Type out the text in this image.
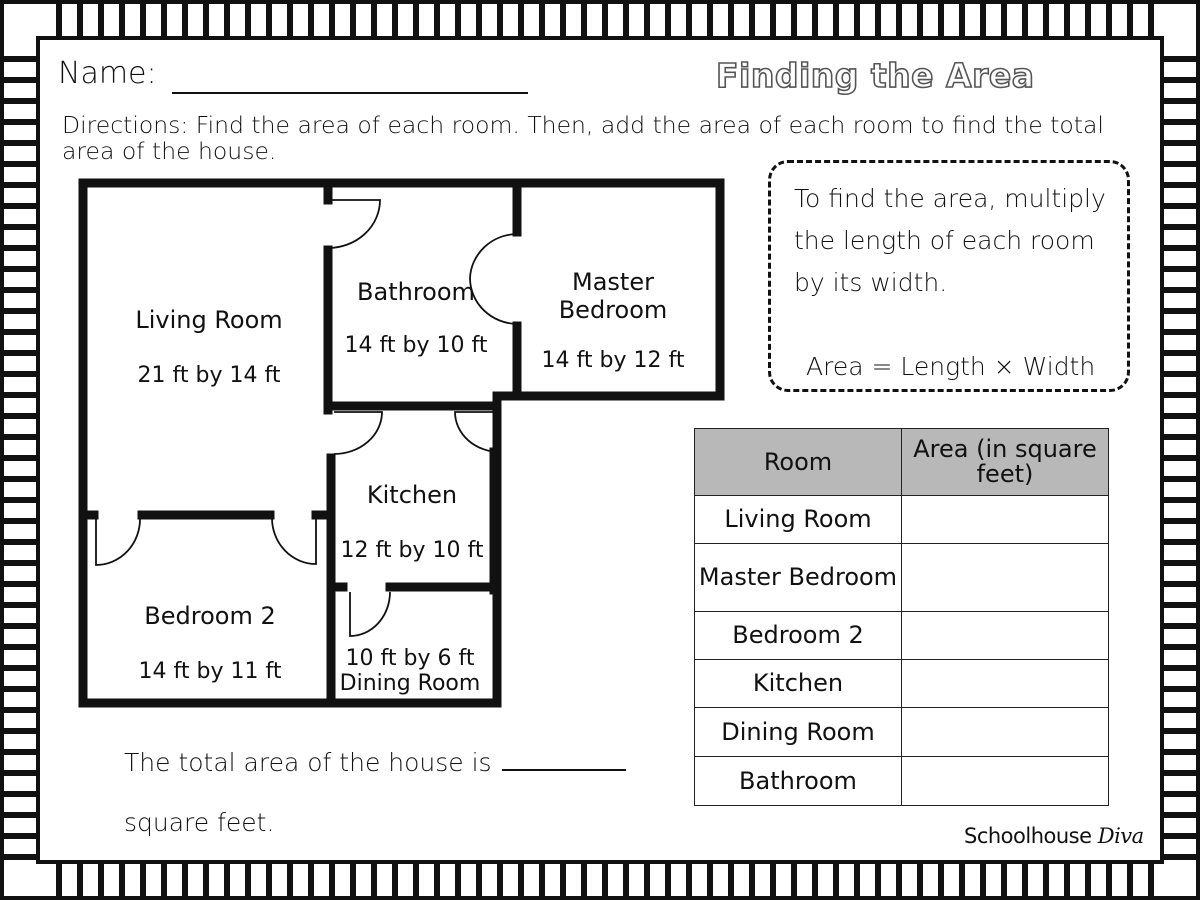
Name:	Finding the Area
Directions: Find the area of each room. Then, add the area of each room to find the total area of the house.
To find the area, multiply
the length of each room
by its width.
Area = Length × Width
Living Room
21 ft by 14 ft
Bathroom
14 ft by 10 ft
Master
Bedroom
14 ft by 12 ft
Kitchen
12 ft by 10 ft
Bedroom 2
14 ft by 11 ft
10 ft by 6 ft
Dining Room
Room	Area (in square feet)
Living Room	
Master Bedroom	
Bedroom 2	
Kitchen	
Dining Room	
Bathroom	
The total area of the house is
square feet.	Schoolhouse Diva
